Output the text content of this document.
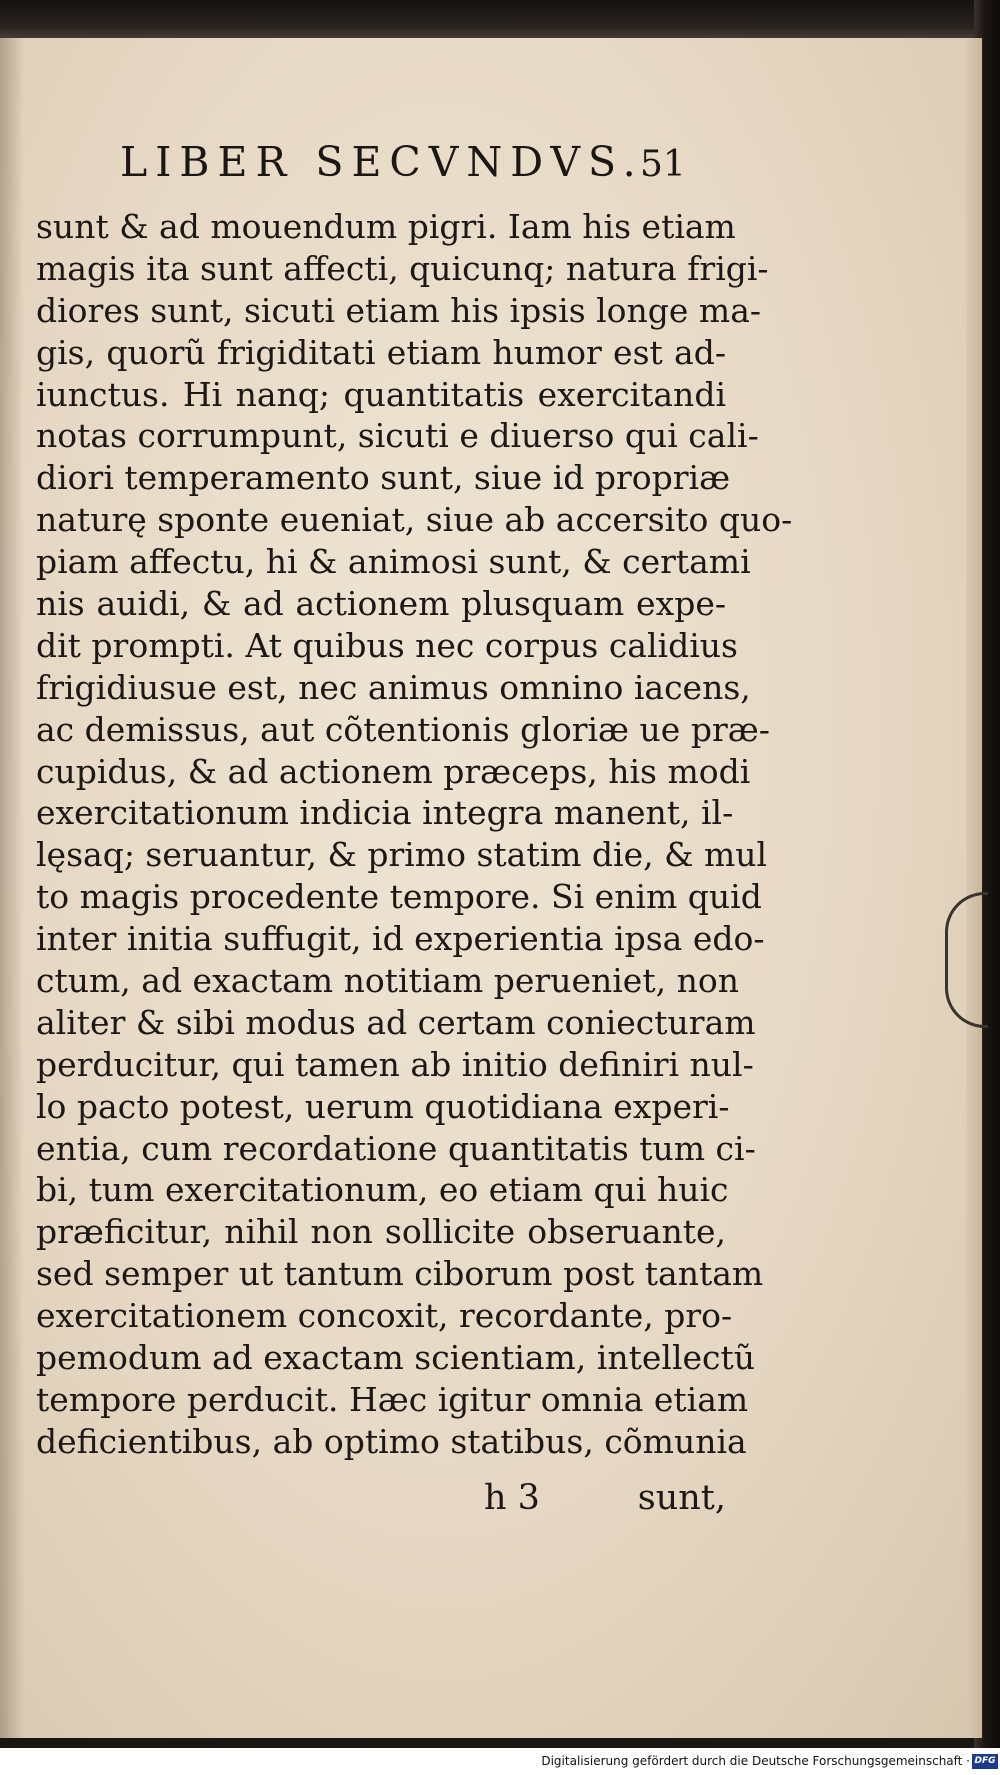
LIBER SECVNDVS.
51
sunt & ad mouendum pigri. Iam his etiam
magis ita sunt affecti, quicunq; natura frigi-
diores sunt, sicuti etiam his ipsis longe ma-
gis, quorũ frigiditati etiam humor est ad-
iunctus. Hi nanq; quantitatis exercitandi
notas corrumpunt, sicuti e diuerso qui cali-
diori temperamento sunt, siue id propriæ
naturę sponte eueniat, siue ab accersito quo-
piam affectu, hi & animosi sunt, & certami
nis auidi, & ad actionem plusquam expe-
dit prompti. At quibus nec corpus calidius
frigidiusue est, nec animus omnino iacens,
ac demissus, aut cõtentionis gloriæ ue præ-
cupidus, & ad actionem præceps, his modi
exercitationum indicia integra manent, il-
lęsaq; seruantur, & primo statim die, & mul
to magis procedente tempore. Si enim quid
inter initia suffugit, id experientia ipsa edo-
ctum, ad exactam notitiam perueniet, non
aliter & sibi modus ad certam coniecturam
perducitur, qui tamen ab initio definiri nul-
lo pacto potest, uerum quotidiana experi-
entia, cum recordatione quantitatis tum ci-
bi, tum exercitationum, eo etiam qui huic
præficitur, nihil non sollicite obseruante,
sed semper ut tantum ciborum post tantam
exercitationem concoxit, recordante, pro-
pemodum ad exactam scientiam, intellectũ
tempore perducit. Hæc igitur omnia etiam
deficientibus, ab optimo statibus, cõmunia
h 3	sunt,
Digitalisierung gefördert durch die Deutsche Forschungsgemeinschaft · DFG
